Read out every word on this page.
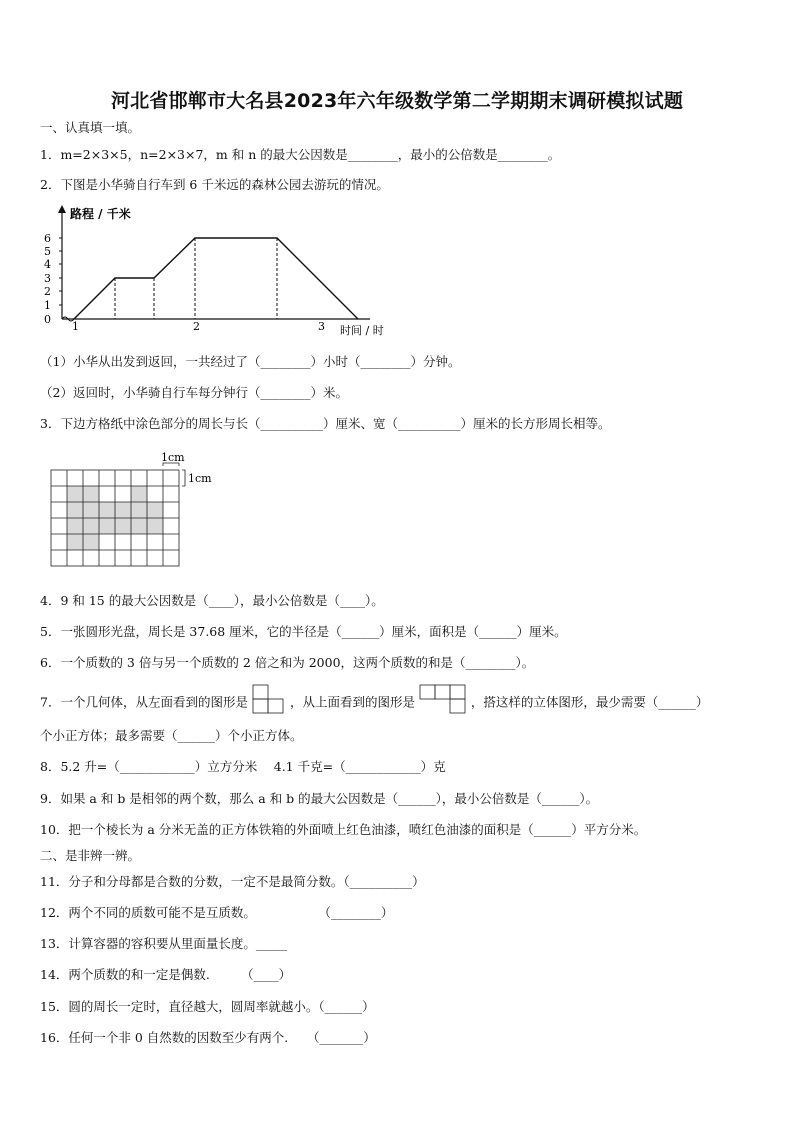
河北省邯郸市大名县2023年六年级数学第二学期期末调研模拟试题
一、认真填一填。
1．m=2×3×5，n=2×3×7，m 和 n 的最大公因数是________，最小的公倍数是________。
2．下图是小华骑自行车到 6 千米远的森林公园去游玩的情况。
路程 / 千米
时间 / 时
0
1
2
3
4
5
6
1	2	3
（1）小华从出发到返回，一共经过了（________）小时（________）分钟。
（2）返回时，小华骑自行车每分钟行（________）米。
3．下边方格纸中涂色部分的周长与长（__________）厘米、宽（__________）厘米的长方形周长相等。
1cm
1cm
4．9 和 15 的最大公因数是（____），最小公倍数是（____）。
5．一张圆形光盘，周长是 37.68 厘米，它的半径是（______）厘米，面积是（______）厘米。
6．一个质数的 3 倍与另一个质数的 2 倍之和为 2000，这两个质数的和是（________）。
7．一个几何体，从左面看到的图形是	，从上面看到的图形是	，搭这样的立体图形，最少需要（______）
个小正方体；最多需要（______）个小正方体。
8．5.2 升=（____________）立方分米　 4.1 千克=（____________）克
9．如果 a 和 b 是相邻的两个数，那么 a 和 b 的最大公因数是（______），最小公倍数是（______）。
10．把一个棱长为 a 分米无盖的正方体铁箱的外面喷上红色油漆，喷红色油漆的面积是（______）平方分米。
二、是非辨一辨。
11．分子和分母都是合数的分数，一定不是最简分数。（__________）
12．两个不同的质数可能不是互质数。　　　　　　（________）
13．计算容器的容积要从里面量长度。_____
14．两个质数的和一定是偶数.　　　（____）
15．圆的周长一定时，直径越大，圆周率就越小。（______）
16．任何一个非 0 自然数的因数至少有两个.　　（_______）
